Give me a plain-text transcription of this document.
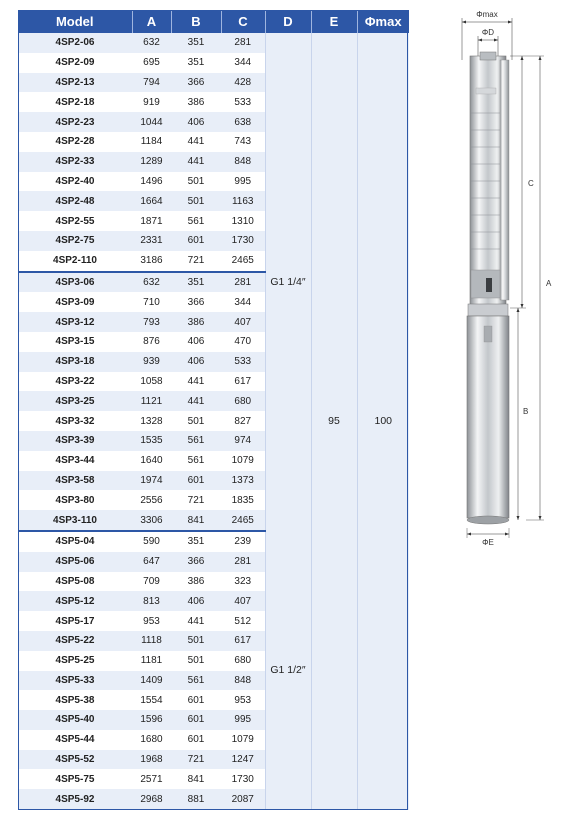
Model	A	B	C	D	E	Φmax
4SP2-06	632	351	281	G1 1/4″	95	100
4SP2-09	695	351	344			
4SP2-13	794	366	428			
4SP2-18	919	386	533			
4SP2-23	1044	406	638			
4SP2-28	1184	441	743			
4SP2-33	1289	441	848			
4SP2-40	1496	501	995			
4SP2-48	1664	501	1163			
4SP2-55	1871	561	1310			
4SP2-75	2331	601	1730			
4SP2-110	3186	721	2465			
4SP3-06	632	351	281			
4SP3-09	710	366	344			
4SP3-12	793	386	407			
4SP3-15	876	406	470			
4SP3-18	939	406	533			
4SP3-22	1058	441	617			
4SP3-25	1121	441	680			
4SP3-32	1328	501	827			
4SP3-39	1535	561	974			
4SP3-44	1640	561	1079			
4SP3-58	1974	601	1373			
4SP3-80	2556	721	1835			
4SP3-110	3306	841	2465			
4SP5-04	590	351	239	G1 1/2″		
4SP5-06	647	366	281			
4SP5-08	709	386	323			
4SP5-12	813	406	407			
4SP5-17	953	441	512			
4SP5-22	1118	501	617			
4SP5-25	1181	501	680			
4SP5-33	1409	561	848			
4SP5-38	1554	601	953			
4SP5-40	1596	601	995			
4SP5-44	1680	601	1079			
4SP5-52	1968	721	1247			
4SP5-75	2571	841	1730			
4SP5-92	2968	881	2087			
Φmax
ΦD
C
A
B
ΦE
